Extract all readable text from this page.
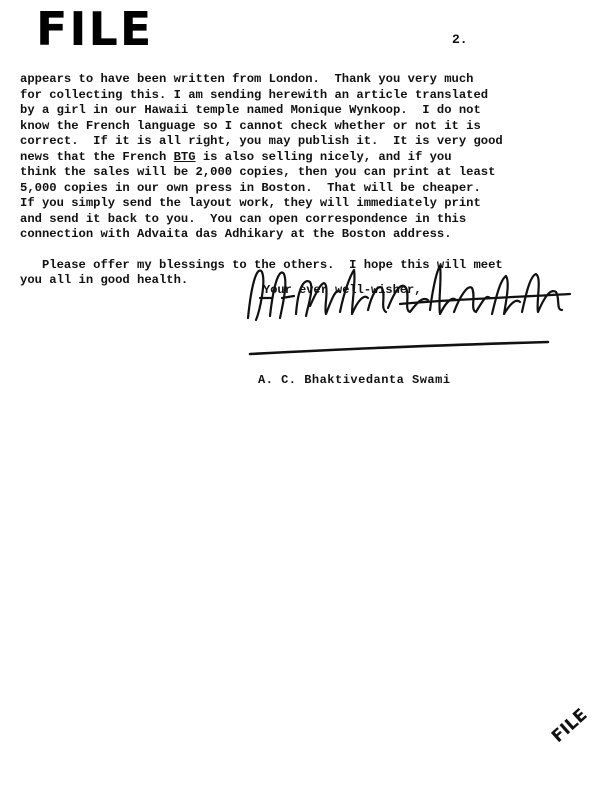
FILE	2.
appears to have been written from London.  Thank you very much
for collecting this. I am sending herewith an article translated
by a girl in our Hawaii temple named Monique Wynkoop.  I do not
know the French language so I cannot check whether or not it is
correct.  If it is all right, you may publish it.  It is very good
news that the French BTG is also selling nicely, and if you
think the sales will be 2,000 copies, then you can print at least
5,000 copies in our own press in Boston.  That will be cheaper.
If you simply send the layout work, they will immediately print
and send it back to you.  You can open correspondence in this
connection with Advaita das Adhikary at the Boston address.
Please offer my blessings to the others.  I hope this will meet
you all in good health.
Your ever well-wisher,
A. C. Bhaktivedanta Swami
FILE
